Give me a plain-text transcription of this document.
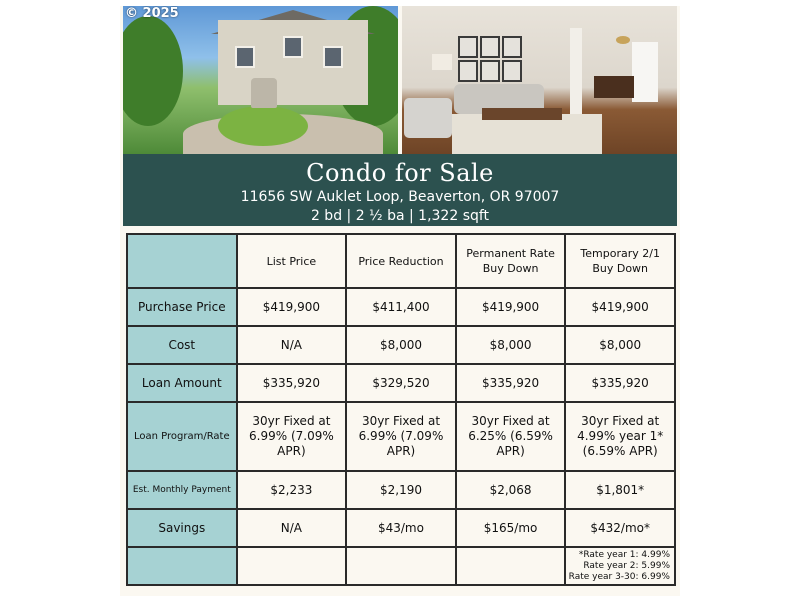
© 2025
Condo for Sale
11656 SW Auklet Loop, Beaverton, OR 97007
2 bd | 2 ½ ba | 1,322 sqft
	List Price	Price Reduction	Permanent Rate Buy Down	Temporary 2/1 Buy Down
Purchase Price	$419,900	$411,400	$419,900	$419,900
Cost	N/A	$8,000	$8,000	$8,000
Loan Amount	$335,920	$329,520	$335,920	$335,920
Loan Program/Rate	30yr Fixed at 6.99% (7.09% APR)	30yr Fixed at 6.99% (7.09% APR)	30yr Fixed at 6.25% (6.59% APR)	30yr Fixed at 4.99% year 1* (6.59% APR)
Est. Monthly Payment	$2,233	$2,190	$2,068	$1,801*
Savings	N/A	$43/mo	$165/mo	$432/mo*

				*Rate year 1: 4.99%
Rate year 2: 5.99%
Rate year 3-30: 6.99%
